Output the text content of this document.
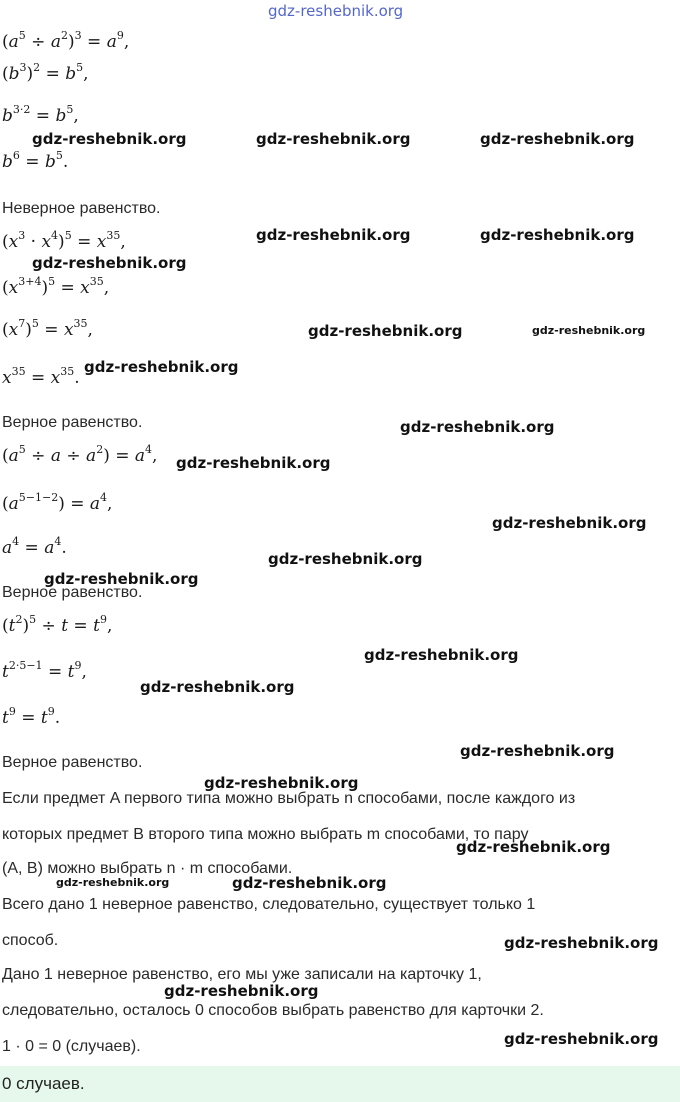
$(a^5 \div a^2)^3 = a^9$,
$(b^3)^2 = b^5$,
$b^{3\cdot 2} = b^5$,
$b^6 = b^5$.
Неверное равенство.
$(x^3 \cdot x^4)^5 = x^{35}$,
$(x^{3+4})^5 = x^{35}$,
$(x^7)^5 = x^{35}$,
$x^{35} = x^{35}$.
Верное равенство.
$(a^5 \div a \div a^2) = a^4$,
$(a^{5-1-2}) = a^4$,
$a^4 = a^4$.
Верное равенство.
$(t^2)^5 \div t = t^9$,
$t^{2\cdot 5-1} = t^9$,
$t^9 = t^9$.
Верное равенство.
Если предмет A первого типа можно выбрать n способами, после каждого из
которых предмет B второго типа можно выбрать m способами, то пару
(A, B) можно выбрать n · m способами.
Всего дано 1 неверное равенство, следовательно, существует только 1
способ.
Дано 1 неверное равенство, его мы уже записали на карточку 1,
следовательно, осталось 0 способов выбрать равенство для карточки 2.
1 · 0 = 0 (случаев).
0 случаев.
gdz-reshebnik.org
gdz-reshebnik.org	gdz-reshebnik.org	gdz-reshebnik.org
gdz-reshebnik.org	gdz-reshebnik.org
gdz-reshebnik.org
gdz-reshebnik.org	gdz-reshebnik.org
gdz-reshebnik.org
gdz-reshebnik.org
gdz-reshebnik.org
gdz-reshebnik.org
gdz-reshebnik.org
gdz-reshebnik.org
gdz-reshebnik.org
gdz-reshebnik.org
gdz-reshebnik.org
gdz-reshebnik.org
gdz-reshebnik.org
gdz-reshebnik.org	gdz-reshebnik.org
gdz-reshebnik.org
gdz-reshebnik.org
gdz-reshebnik.org
